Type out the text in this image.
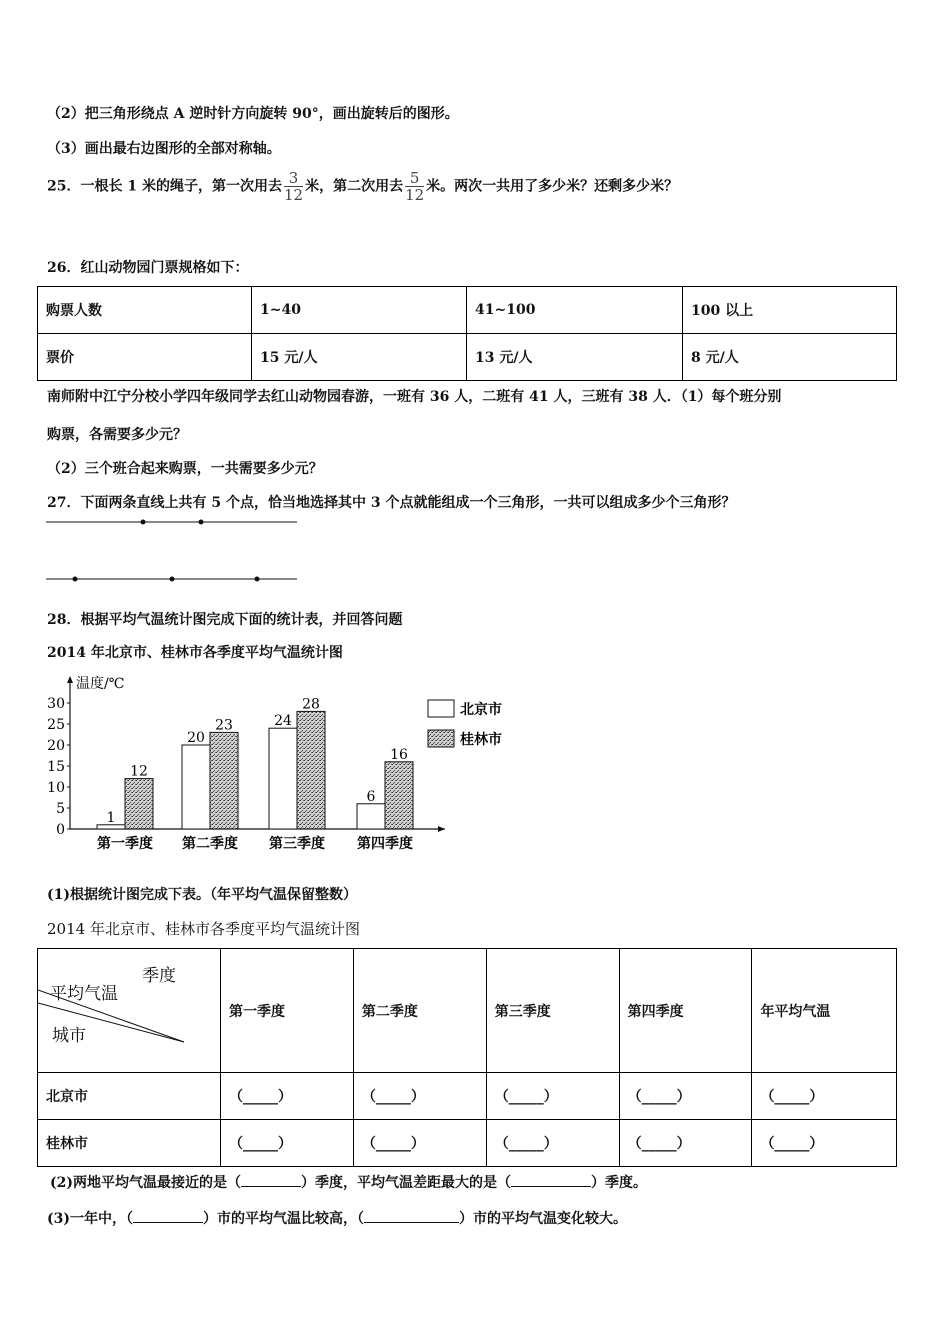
（2）把三角形绕点 A 逆时针方向旋转 90°，画出旋转后的图形。
（3）画出最右边图形的全部对称轴。
25．一根长 1 米的绳子，第一次用去 $\frac{3}{12}$ 米，第二次用去 $\frac{5}{12}$ 米。两次一共用了多少米？还剩多少米？
26．红山动物园门票规格如下：
购票人数	1~40	41~100	100 以上
票价	15 元/人	13 元/人	8 元/人
南师附中江宁分校小学四年级同学去红山动物园春游，一班有 36 人，二班有 41 人，三班有 38 人．（1）每个班分别
购票，各需要多少元？
（2）三个班合起来购票，一共需要多少元？
27．下面两条直线上共有 5 个点，恰当地选择其中 3 个点就能组成一个三角形，一共可以组成多少个三角形？
28．根据平均气温统计图完成下面的统计表，并回答问题
2014 年北京市、桂林市各季度平均气温统计图
温度/℃
0
5
10
15
20
25
30
第一季度 第二季度 第三季度 第四季度
1
12
20
23	24
28
6
16
北京市
桂林市
(1)根据统计图完成下表。（年平均气温保留整数）
2014 年北京市、桂林市各季度平均气温统计图
季度
平均气温
城市	第一季度	第二季度	第三季度	第四季度	年平均气温
北京市	（_____）	（_____）	（_____）	（_____）	（_____）
桂林市	（_____）	（_____）	（_____）	（_____）	（_____）
(2)两地平均气温最接近的是（	）季度，平均气温差距最大的是（	）季度。
(3)一年中，（	）市的平均气温比较高，（	）市的平均气温变化较大。
